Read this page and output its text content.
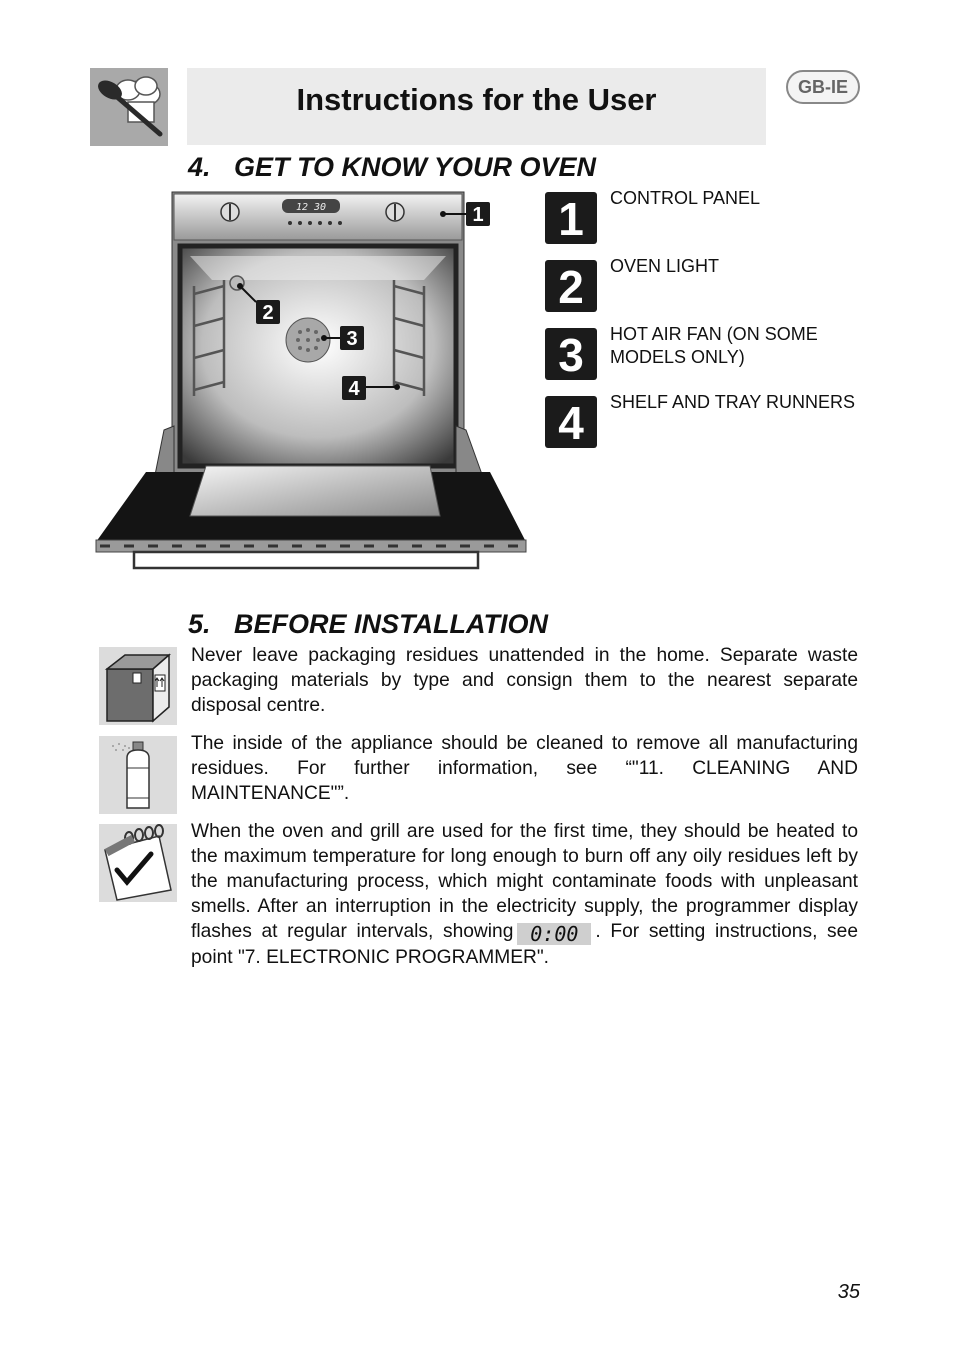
Instructions for the User	GB-IE
4. GET TO KNOW YOUR OVEN
12 30	1
2
3
4
1	CONTROL PANEL
2	OVEN LIGHT
3	HOT AIR FAN (ON SOME MODELS ONLY)
4	SHELF AND TRAY RUNNERS
5. BEFORE INSTALLATION

Never leave packaging residues unattended in the home. Separate waste packaging materials by type and consign them to the nearest separate disposal centre.

The inside of the appliance should be cleaned to remove all manufacturing residues. For further information, see “"11. CLEANING AND MAINTENANCE"”.

When the oven and grill are used for the first time, they should be heated to the maximum temperature for long enough to burn off any oily residues left by the manufacturing process, which might contaminate foods with unpleasant smells. After an interruption in the electricity supply, the programmer display flashes at regular intervals, showing 0:00 . For setting instructions, see point "7. ELECTRONIC PROGRAMMER".

35
